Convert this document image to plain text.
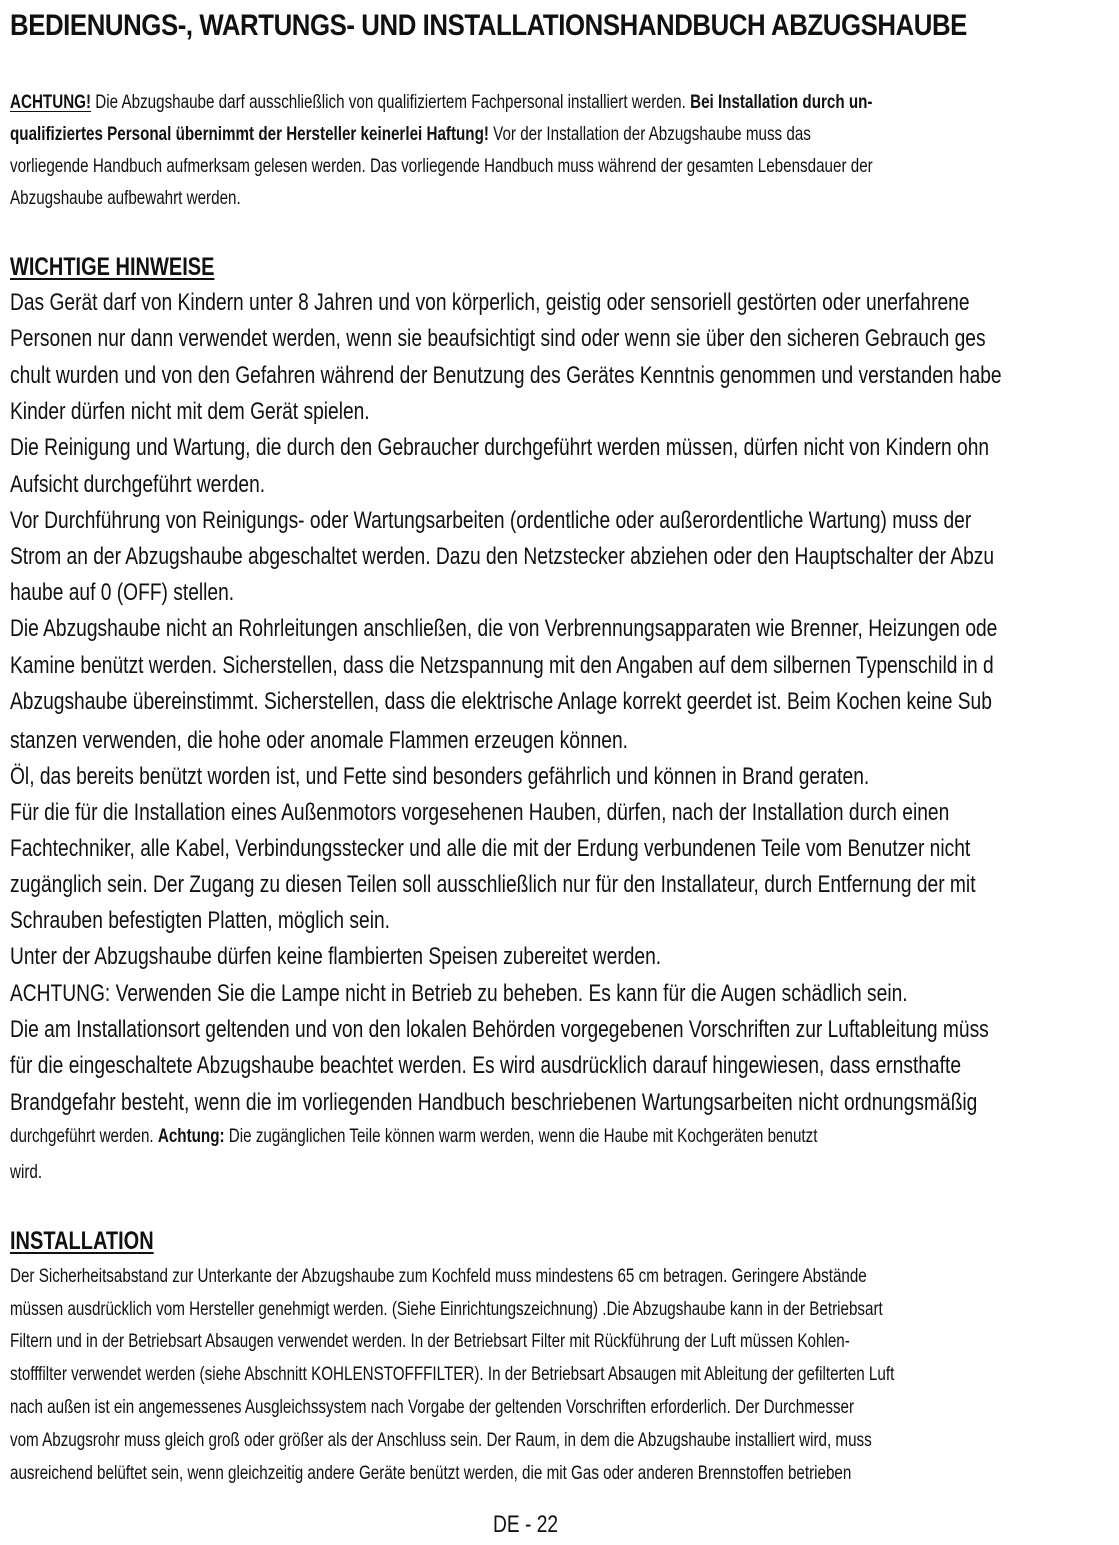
BEDIENUNGS-, WARTUNGS- UND INSTALLATIONSHANDBUCH ABZUGSHAUBE
ACHTUNG! Die Abzugshaube darf ausschließlich von qualifiziertem Fachpersonal installiert werden. Bei Installation durch un-
qualifiziertes Personal übernimmt der Hersteller keinerlei Haftung! Vor der Installation der Abzugshaube muss das
vorliegende Handbuch aufmerksam gelesen werden. Das vorliegende Handbuch muss während der gesamten Lebensdauer der
Abzugshaube aufbewahrt werden.
WICHTIGE HINWEISE
Das Gerät darf von Kindern unter 8 Jahren und von körperlich, geistig oder sensoriell gestörten oder unerfahrene
Personen nur dann verwendet werden, wenn sie beaufsichtigt sind oder wenn sie über den sicheren Gebrauch ges
chult wurden und von den Gefahren während der Benutzung des Gerätes Kenntnis genommen und verstanden habe
Kinder dürfen nicht mit dem Gerät spielen.
Die Reinigung und Wartung, die durch den Gebraucher durchgeführt werden müssen, dürfen nicht von Kindern ohn
Aufsicht durchgeführt werden.
Vor Durchführung von Reinigungs- oder Wartungsarbeiten (ordentliche oder außerordentliche Wartung) muss der
Strom an der Abzugshaube abgeschaltet werden. Dazu den Netzstecker abziehen oder den Hauptschalter der Abzu
haube auf 0 (OFF) stellen.
Die Abzugshaube nicht an Rohrleitungen anschließen, die von Verbrennungsapparaten wie Brenner, Heizungen ode
Kamine benützt werden. Sicherstellen, dass die Netzspannung mit den Angaben auf dem silbernen Typenschild in d
Abzugshaube übereinstimmt. Sicherstellen, dass die elektrische Anlage korrekt geerdet ist. Beim Kochen keine Sub
stanzen verwenden, die hohe oder anomale Flammen erzeugen können.
Öl, das bereits benützt worden ist, und Fette sind besonders gefährlich und können in Brand geraten.
Für die für die Installation eines Außenmotors vorgesehenen Hauben, dürfen, nach der Installation durch einen
Fachtechniker, alle Kabel, Verbindungsstecker und alle die mit der Erdung verbundenen Teile vom Benutzer nicht
zugänglich sein. Der Zugang zu diesen Teilen soll ausschließlich nur für den Installateur, durch Entfernung der mit
Schrauben befestigten Platten, möglich sein.
Unter der Abzugshaube dürfen keine flambierten Speisen zubereitet werden.
ACHTUNG: Verwenden Sie die Lampe nicht in Betrieb zu beheben. Es kann für die Augen schädlich sein.
Die am Installationsort geltenden und von den lokalen Behörden vorgegebenen Vorschriften zur Luftableitung müss
für die eingeschaltete Abzugshaube beachtet werden. Es wird ausdrücklich darauf hingewiesen, dass ernsthafte
Brandgefahr besteht, wenn die im vorliegenden Handbuch beschriebenen Wartungsarbeiten nicht ordnungsmäßig
durchgeführt werden. Achtung: Die zugänglichen Teile können warm werden, wenn die Haube mit Kochgeräten benutzt
wird.
INSTALLATION
Der Sicherheitsabstand zur Unterkante der Abzugshaube zum Kochfeld muss mindestens 65 cm betragen. Geringere Abstände
müssen ausdrücklich vom Hersteller genehmigt werden. (Siehe Einrichtungszeichnung) .Die Abzugshaube kann in der Betriebsart
Filtern und in der Betriebsart Absaugen verwendet werden. In der Betriebsart Filter mit Rückführung der Luft müssen Kohlen-
stofffilter verwendet werden (siehe Abschnitt KOHLENSTOFFFILTER). In der Betriebsart Absaugen mit Ableitung der gefilterten Luft
nach außen ist ein angemessenes Ausgleichssystem nach Vorgabe der geltenden Vorschriften erforderlich. Der Durchmesser
vom Abzugsrohr muss gleich groß oder größer als der Anschluss sein. Der Raum, in dem die Abzugshaube installiert wird, muss
ausreichend belüftet sein, wenn gleichzeitig andere Geräte benützt werden, die mit Gas oder anderen Brennstoffen betrieben
DE - 22
